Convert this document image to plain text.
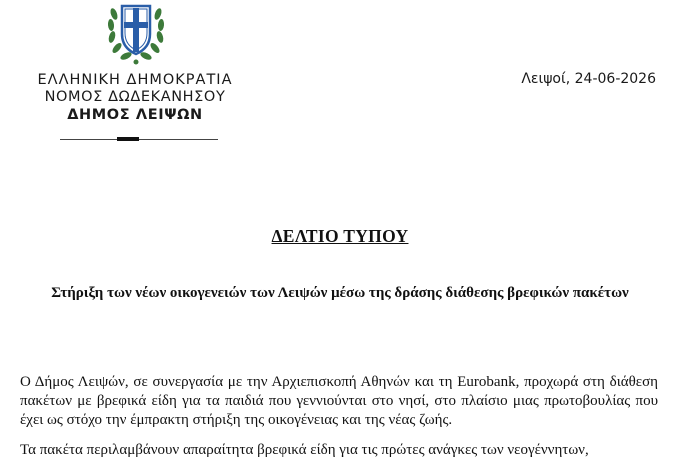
ΕΛΛΗΝΙΚΗ ΔΗΜΟΚΡΑΤΙΑ
ΝΟΜΟΣ ΔΩΔΕΚΑΝΗΣΟΥ
ΔΗΜΟΣ ΛΕΙΨΩΝ
Λειψοί, 24-06-2026
ΔΕΛΤΙΟ ΤΥΠΟΥ
Στήριξη των νέων οικογενειών των Λειψών μέσω της δράσης διάθεσης βρεφικών πακέτων
Ο Δήμος Λειψών, σε συνεργασία με την Αρχιεπισκοπή Αθηνών και τη Eurobank, προχωρά στη διάθεση πακέτων με βρεφικά είδη για τα παιδιά που γεννιούνται στο νησί, στο πλαίσιο μιας πρωτοβουλίας που έχει ως στόχο την έμπρακτη στήριξη της οικογένειας και της νέας ζωής.
Τα πακέτα περιλαμβάνουν απαραίτητα βρεφικά είδη για τις πρώτες ανάγκες των νεογέννητων,
